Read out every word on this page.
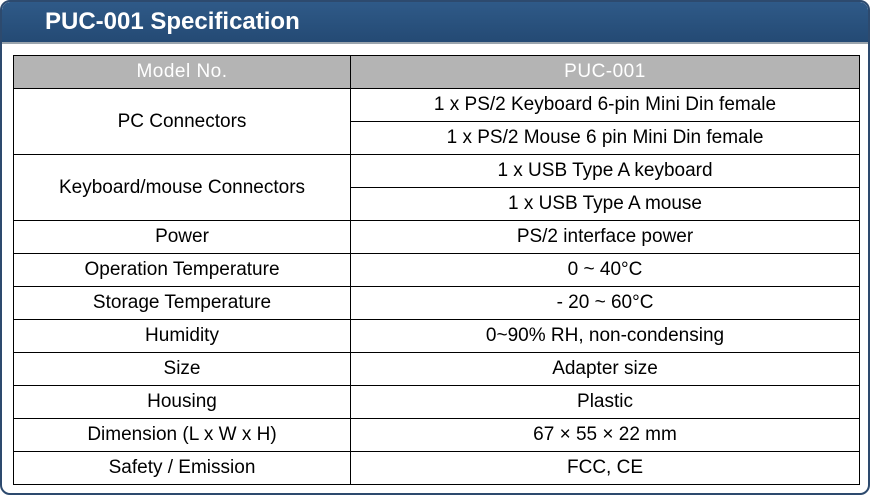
PUC-001 Specification
Model No.	PUC-001
PC Connectors	1 x PS/2 Keyboard 6-pin Mini Din female
	1 x PS/2 Mouse 6 pin Mini Din female
Keyboard/mouse Connectors	1 x USB Type A keyboard
	1 x USB Type A mouse
Power	PS/2 interface power
Operation Temperature	0 ~ 40°C
Storage Temperature	- 20 ~ 60°C
Humidity	0~90% RH, non-condensing
Size	Adapter size
Housing	Plastic
Dimension (L x W x H)	67 × 55 × 22 mm
Safety / Emission	FCC, CE
